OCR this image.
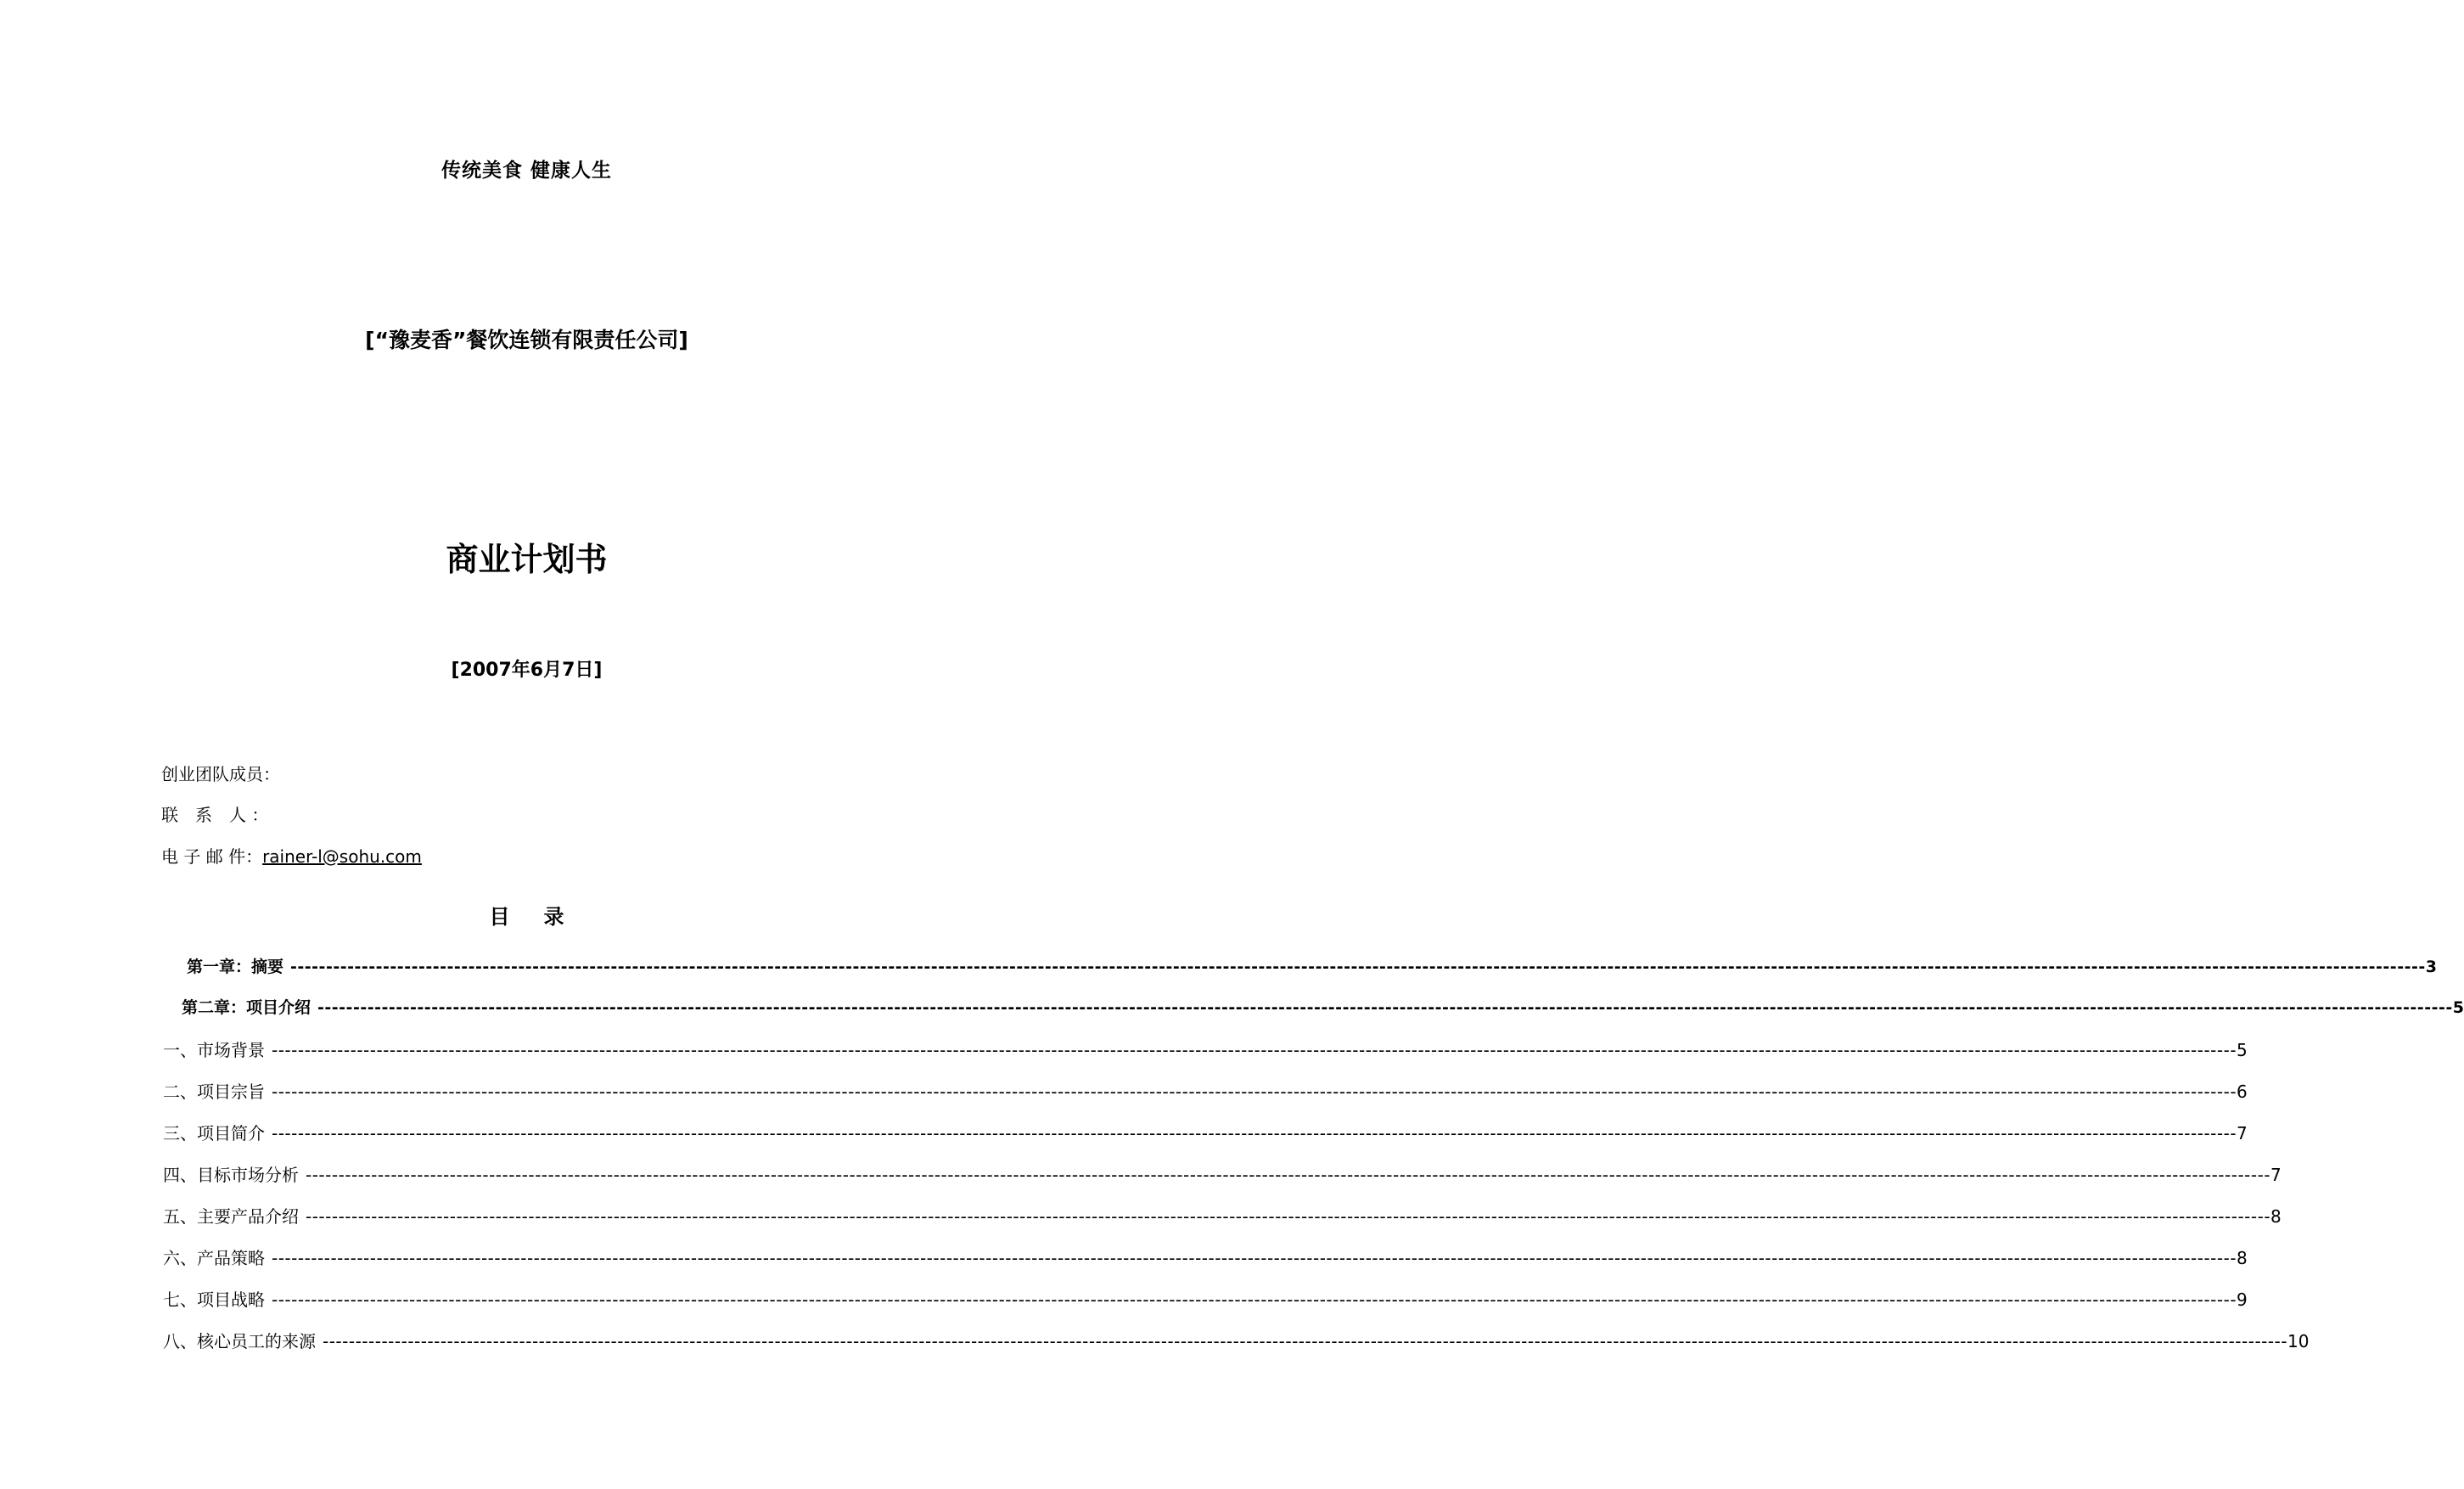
传统美食 健康人生
[“豫麦香”餐饮连锁有限责任公司]
商业计划书
[2007年6月7日]
创业团队成员：
联　系　人 ：
电 子 邮 件：rainer-l@sohu.com
目 录
第一章：摘要 ------------------------------------------------------------------------------------------------------------------------------------------------------------------------------------------------------------------------------------------------------------------------------------------------------------ 3
第二章：项目介绍 ------------------------------------------------------------------------------------------------------------------------------------------------------------------------------------------------------------------------------------------------------------------------------------------------------------ 5
一、市场背景 ------------------------------------------------------------------------------------------------------------------------------------------------------------------------------------------------------------------------------------------------------------------------------------------------------------ 5
二、项目宗旨 ------------------------------------------------------------------------------------------------------------------------------------------------------------------------------------------------------------------------------------------------------------------------------------------------------------ 6
三、项目简介 ------------------------------------------------------------------------------------------------------------------------------------------------------------------------------------------------------------------------------------------------------------------------------------------------------------ 7
四、目标市场分析 ------------------------------------------------------------------------------------------------------------------------------------------------------------------------------------------------------------------------------------------------------------------------------------------------------------ 7
五、主要产品介绍 ------------------------------------------------------------------------------------------------------------------------------------------------------------------------------------------------------------------------------------------------------------------------------------------------------------ 8
六、产品策略 ------------------------------------------------------------------------------------------------------------------------------------------------------------------------------------------------------------------------------------------------------------------------------------------------------------ 8
七、项目战略 ------------------------------------------------------------------------------------------------------------------------------------------------------------------------------------------------------------------------------------------------------------------------------------------------------------ 9
八、核心员工的来源 ------------------------------------------------------------------------------------------------------------------------------------------------------------------------------------------------------------------------------------------------------------------------------------------------------------ 10
